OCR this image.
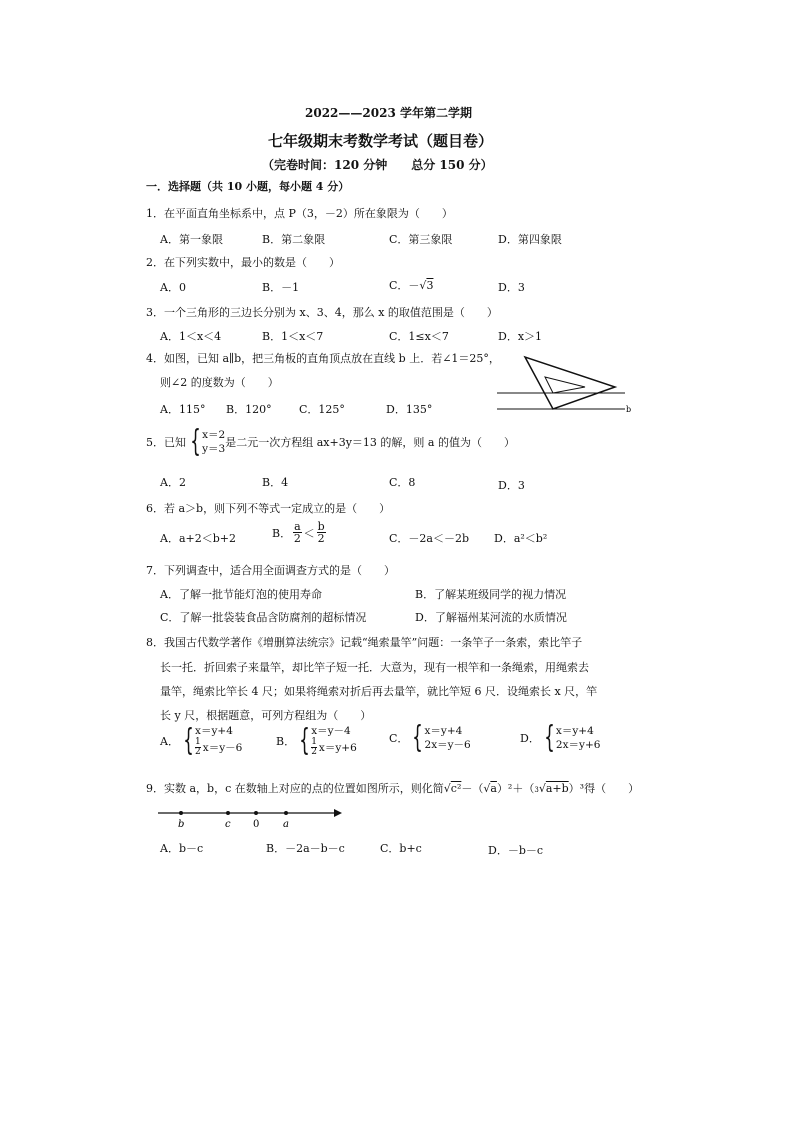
2022——2023 学年第二学期
七年级期末考数学考试（题目卷）
（完卷时间：120 分钟　　总分 150 分）
一．选择题（共 10 小题，每小题 4 分）
1．在平面直角坐标系中，点 P（3，－2）所在象限为（　　）
A．第一象限	B．第二象限	C．第三象限	D．第四象限
2．在下列实数中，最小的数是（　　）
A．0	B．－1	C．－√3	D．3
3．一个三角形的三边长分别为 x、3、4，那么 x 的取值范围是（　　）
A．1＜x＜4	B．1＜x＜7	C．1≤x＜7	D．x＞1
4．如图，已知 a∥b，把三角板的直角顶点放在直线 b 上．若∠1＝25°，
则∠2 的度数为（　　）
A．115° B．120° C．125°	D．135°	b
5．已知 { x＝2
y＝3 是二元一次方程组 ax+3y＝13 的解，则 a 的值为（　　）
A．2	B．4	C．8	D．3
6．若 a＞b，则下列不等式一定成立的是（　　）
A．a+2＜b+2	B． $\frac{a}{2} < \frac{b}{2}$	C．－2a＜－2b D．a²＜b²
7．下列调查中，适合用全面调查方式的是（　　）
A．了解一批节能灯泡的使用寿命	B．了解某班级同学的视力情况
C．了解一批袋装食品含防腐剂的超标情况	D．了解福州某河流的水质情况
8．我国古代数学著作《增删算法统宗》记载“绳索量竿”问题：一条竿子一条索，索比竿子
长一托．折回索子来量竿，却比竿子短一托．大意为，现有一根竿和一条绳索，用绳索去
量竿，绳索比竿长 4 尺；如果将绳索对折后再去量竿，就比竿短 6 尺．设绳索长 x 尺，竿
长 y 尺，根据题意，可列方程组为（　　）
A． { x＝y+4
$\frac{1}{2} x=y-6$	B． { x＝y－4
$\frac{1}{2} x=y+6$
C． { x＝y+4
2x＝y－6	D． { x＝y+4
2x＝y+6
9．实数 a，b，c 在数轴上对应的点的位置如图所示，则化简 √ c² －（ √ a ）²＋（ 3 √ a+b ）³得（　　）
b	c 0 a
A．b－c	B．－2a－b－c	C．b+c	D．－b－c
